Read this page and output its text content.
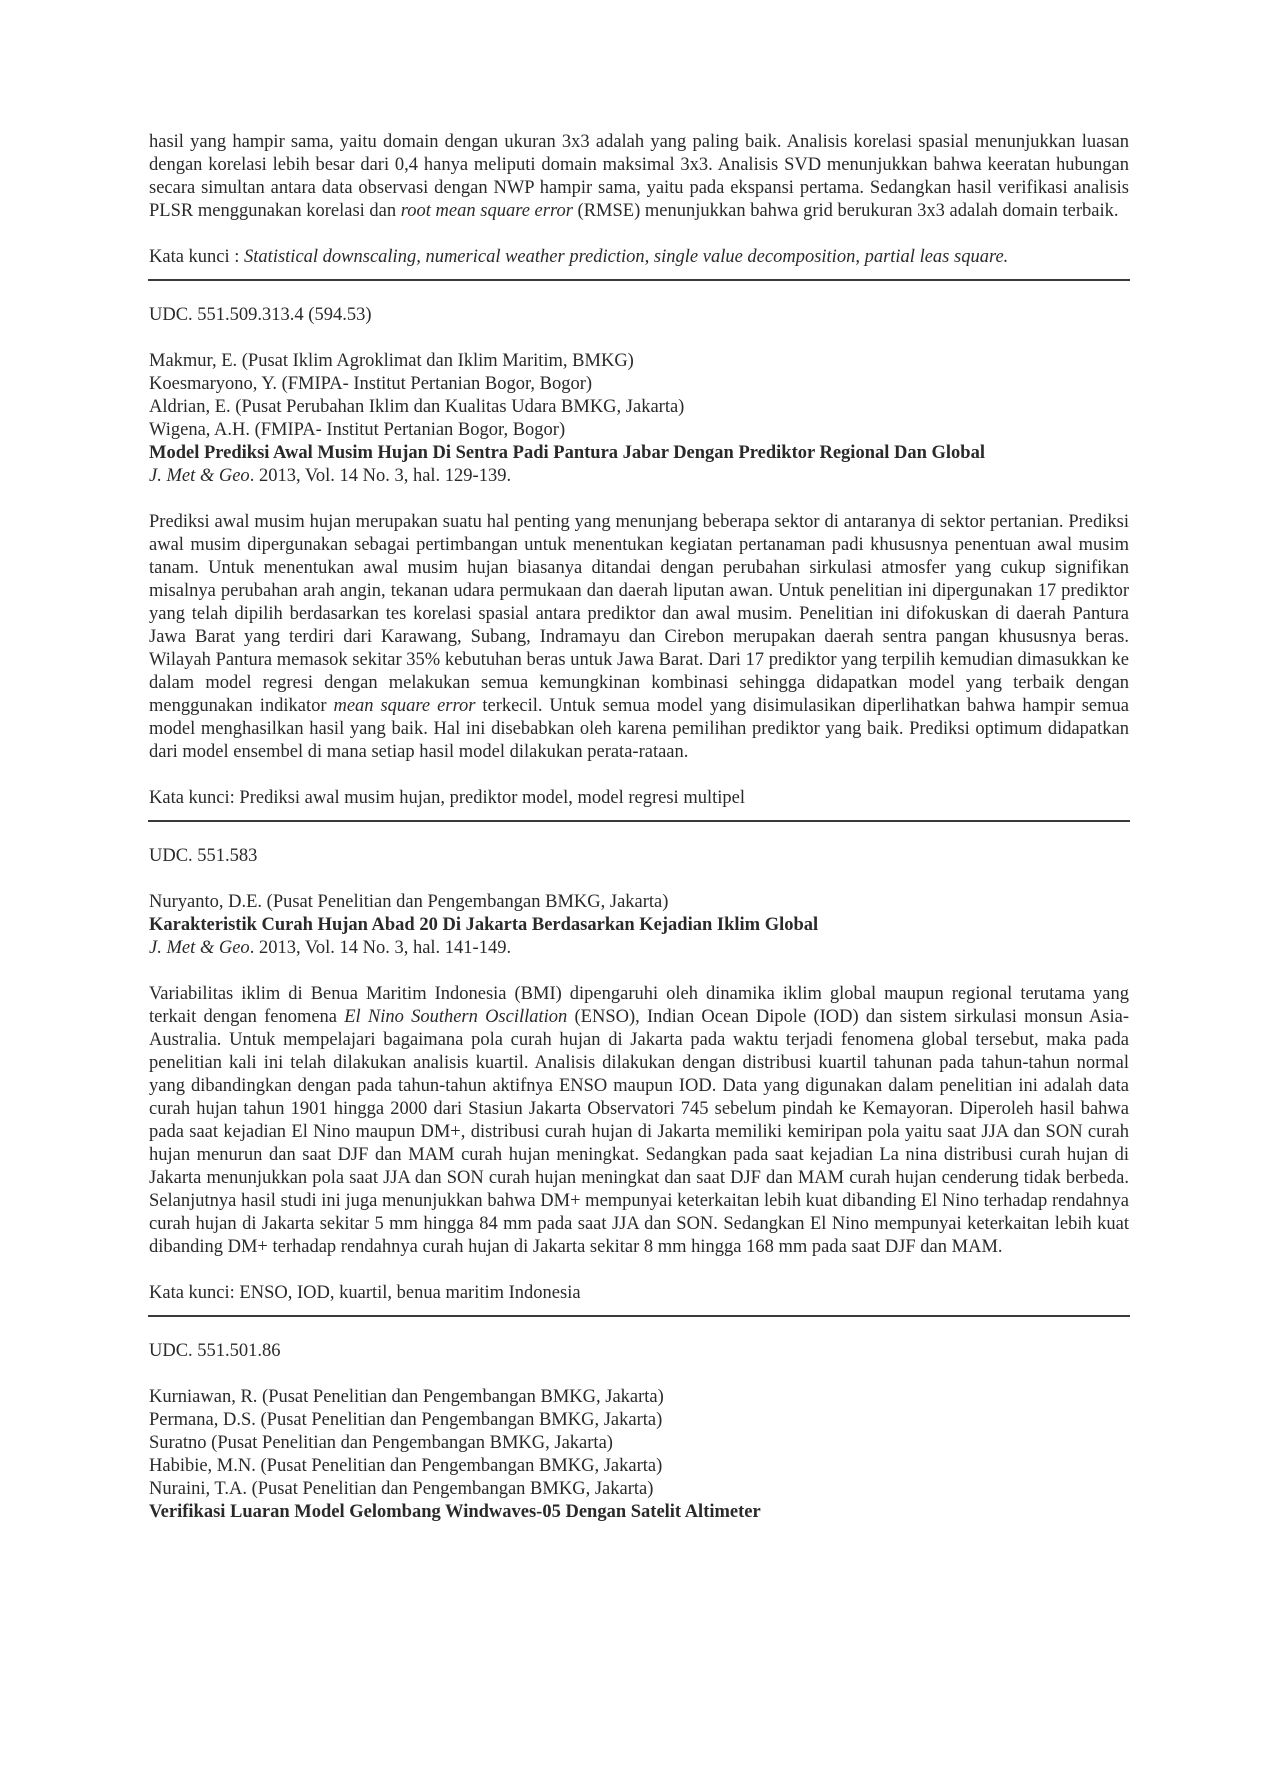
hasil yang hampir sama, yaitu domain dengan ukuran 3x3 adalah yang paling baik. Analisis korelasi spasial menunjukkan luasan dengan korelasi lebih besar dari 0,4 hanya meliputi domain maksimal 3x3. Analisis SVD menunjukkan bahwa keeratan hubungan secara simultan antara data observasi dengan NWP hampir sama, yaitu pada ekspansi pertama. Sedangkan hasil verifikasi analisis PLSR menggunakan korelasi dan root mean square error (RMSE) menunjukkan bahwa grid berukuran 3x3 adalah domain terbaik.

Kata kunci : Statistical downscaling, numerical weather prediction, single value decomposition, partial leas square.

UDC. 551.509.313.4 (594.53)

Makmur, E. (Pusat Iklim Agroklimat dan Iklim Maritim, BMKG)
Koesmaryono, Y. (FMIPA- Institut Pertanian Bogor, Bogor)
Aldrian, E. (Pusat Perubahan Iklim dan Kualitas Udara BMKG, Jakarta)
Wigena, A.H. (FMIPA- Institut Pertanian Bogor, Bogor)
Model Prediksi Awal Musim Hujan Di Sentra Padi Pantura Jabar Dengan Prediktor Regional Dan Global

J. Met & Geo. 2013, Vol. 14 No. 3, hal. 129-139.

Prediksi awal musim hujan merupakan suatu hal penting yang menunjang beberapa sektor di antaranya di sektor pertanian. Prediksi awal musim dipergunakan sebagai pertimbangan untuk menentukan kegiatan pertanaman padi khususnya penentuan awal musim tanam. Untuk menentukan awal musim hujan biasanya ditandai dengan perubahan sirkulasi atmosfer yang cukup signifikan misalnya perubahan arah angin, tekanan udara permukaan dan daerah liputan awan. Untuk penelitian ini dipergunakan 17 prediktor yang telah dipilih berdasarkan tes korelasi spasial antara prediktor dan awal musim. Penelitian ini difokuskan di daerah Pantura Jawa Barat yang terdiri dari Karawang, Subang, Indramayu dan Cirebon merupakan daerah sentra pangan khususnya beras. Wilayah Pantura memasok sekitar 35% kebutuhan beras untuk Jawa Barat. Dari 17 prediktor yang terpilih kemudian dimasukkan ke dalam model regresi dengan melakukan semua kemungkinan kombinasi sehingga didapatkan model yang terbaik dengan menggunakan indikator mean square error terkecil. Untuk semua model yang disimulasikan diperlihatkan bahwa hampir semua model menghasilkan hasil yang baik. Hal ini disebabkan oleh karena pemilihan prediktor yang baik. Prediksi optimum didapatkan dari model ensembel di mana setiap hasil model dilakukan perata-rataan.

Kata kunci: Prediksi awal musim hujan, prediktor model, model regresi multipel

UDC. 551.583

Nuryanto, D.E. (Pusat Penelitian dan Pengembangan BMKG, Jakarta)
Karakteristik Curah Hujan Abad 20 Di Jakarta Berdasarkan Kejadian Iklim Global

J. Met & Geo. 2013, Vol. 14 No. 3, hal. 141-149.

Variabilitas iklim di Benua Maritim Indonesia (BMI) dipengaruhi oleh dinamika iklim global maupun regional terutama yang terkait dengan fenomena El Nino Southern Oscillation (ENSO), Indian Ocean Dipole (IOD) dan sistem sirkulasi monsun Asia-Australia. Untuk mempelajari bagaimana pola curah hujan di Jakarta pada waktu terjadi fenomena global tersebut, maka pada penelitian kali ini telah dilakukan analisis kuartil. Analisis dilakukan dengan distribusi kuartil tahunan pada tahun-tahun normal yang dibandingkan dengan pada tahun-tahun aktifnya ENSO maupun IOD. Data yang digunakan dalam penelitian ini adalah data curah hujan tahun 1901 hingga 2000 dari Stasiun Jakarta Observatori 745 sebelum pindah ke Kemayoran. Diperoleh hasil bahwa pada saat kejadian El Nino maupun DM+, distribusi curah hujan di Jakarta memiliki kemiripan pola yaitu saat JJA dan SON curah hujan menurun dan saat DJF dan MAM curah hujan meningkat. Sedangkan pada saat kejadian La nina distribusi curah hujan di Jakarta menunjukkan pola saat JJA dan SON curah hujan meningkat dan saat DJF dan MAM curah hujan cenderung tidak berbeda. Selanjutnya hasil studi ini juga menunjukkan bahwa DM+ mempunyai keterkaitan lebih kuat dibanding El Nino terhadap rendahnya curah hujan di Jakarta sekitar 5 mm hingga 84 mm pada saat JJA dan SON. Sedangkan El Nino mempunyai keterkaitan lebih kuat dibanding DM+ terhadap rendahnya curah hujan di Jakarta sekitar 8 mm hingga 168 mm pada saat DJF dan MAM.

Kata kunci: ENSO, IOD, kuartil, benua maritim Indonesia

UDC. 551.501.86

Kurniawan, R. (Pusat Penelitian dan Pengembangan BMKG, Jakarta)
Permana, D.S. (Pusat Penelitian dan Pengembangan BMKG, Jakarta)
Suratno (Pusat Penelitian dan Pengembangan BMKG, Jakarta)
Habibie, M.N. (Pusat Penelitian dan Pengembangan BMKG, Jakarta)
Nuraini, T.A. (Pusat Penelitian dan Pengembangan BMKG, Jakarta)
Verifikasi Luaran Model Gelombang Windwaves-05 Dengan Satelit Altimeter
